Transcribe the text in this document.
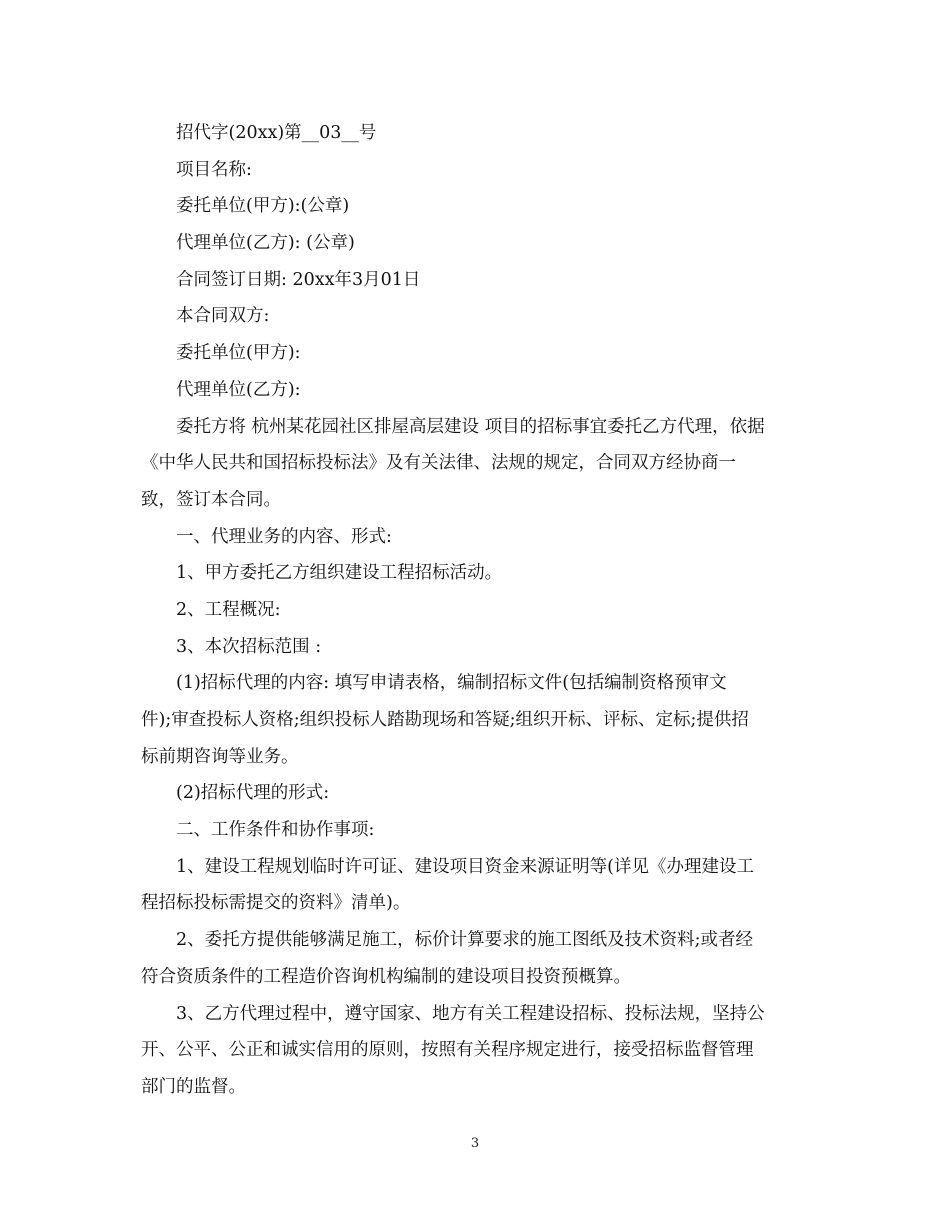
招代字(20xx)第__03__号
项目名称:
委托单位(甲方):(公章)
代理单位(乙方): (公章)
合同签订日期: 20xx年3月01日
本合同双方:
委托单位(甲方):
代理单位(乙方):
委托方将 杭州某花园社区排屋高层建设 项目的招标事宜委托乙方代理，依据
《中华人民共和国招标投标法》及有关法律、法规的规定，合同双方经协商一
致，签订本合同。
一、代理业务的内容、形式:
1、甲方委托乙方组织建设工程招标活动。
2、工程概况:
3、本次招标范围 :
(1)招标代理的内容: 填写申请表格，编制招标文件(包括编制资格预审文
件);审查投标人资格;组织投标人踏勘现场和答疑;组织开标、评标、定标;提供招
标前期咨询等业务。
(2)招标代理的形式:
二、工作条件和协作事项:
1、建设工程规划临时许可证、建设项目资金来源证明等(详见《办理建设工
程招标投标需提交的资料》清单)。
2、委托方提供能够满足施工，标价计算要求的施工图纸及技术资料;或者经
符合资质条件的工程造价咨询机构编制的建设项目投资预概算。
3、乙方代理过程中，遵守国家、地方有关工程建设招标、投标法规，坚持公
开、公平、公正和诚实信用的原则，按照有关程序规定进行，接受招标监督管理
部门的监督。
3
